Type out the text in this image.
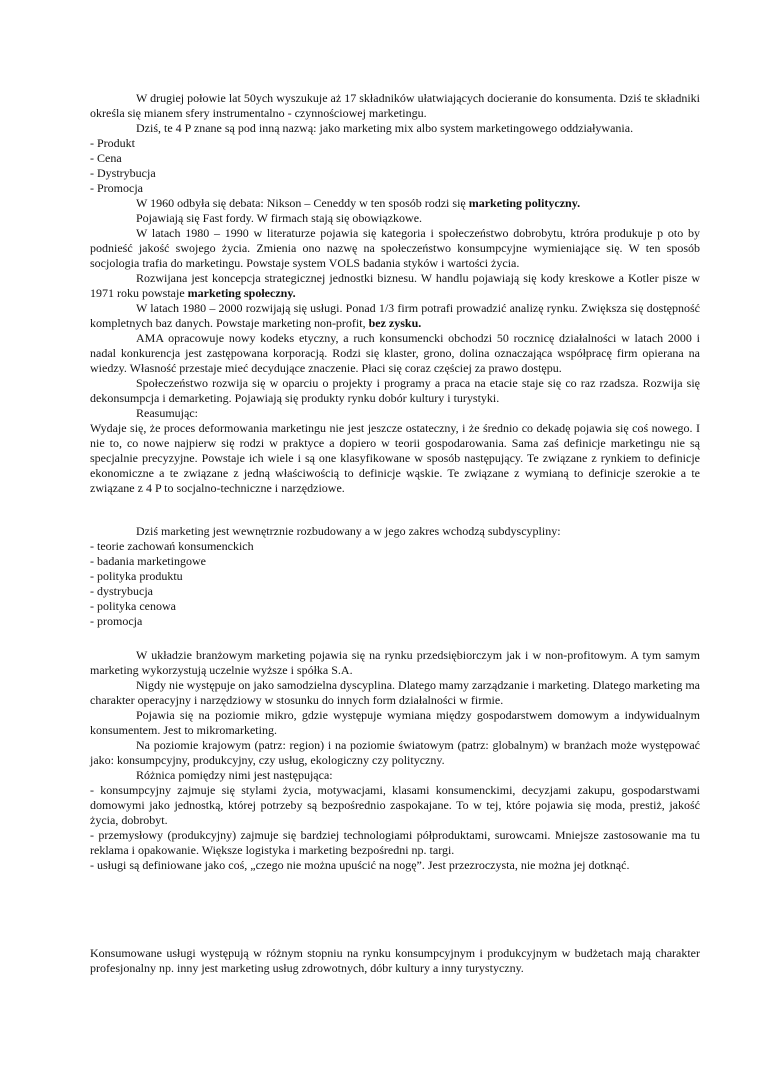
W drugiej połowie lat 50ych wyszukuje aż 17 składników ułatwiających docieranie do konsumenta. Dziś te składniki określa się mianem sfery instrumentalno - czynnościowej marketingu.

Dziś, te 4 P znane są pod inną nazwą: jako marketing mix albo system marketingowego oddziaływania.

- Produkt
- Cena
- Dystrybucja
- Promocja

W 1960 odbyła się debata: Nikson – Ceneddy w ten sposób rodzi się marketing polityczny.

Pojawiają się Fast fordy. W firmach stają się obowiązkowe.

W latach 1980 – 1990 w literaturze pojawia się kategoria i społeczeństwo dobrobytu, ktróra produkuje p oto by podnieść jakość swojego życia. Zmienia ono nazwę na społeczeństwo konsumpcyjne wymieniające się. W ten sposób socjologia trafia do marketingu. Powstaje system VOLS badania styków i wartości życia.

Rozwijana jest koncepcja strategicznej jednostki biznesu. W handlu pojawiają się kody kreskowe a Kotler pisze w 1971 roku powstaje marketing społeczny.

W latach 1980 – 2000 rozwijają się usługi. Ponad 1/3 firm potrafi prowadzić analizę rynku. Zwiększa się dostępność kompletnych baz danych. Powstaje marketing non-profit, bez zysku.

AMA opracowuje nowy kodeks etyczny, a ruch konsumencki obchodzi 50 rocznicę działalności w latach 2000 i nadal konkurencja jest zastępowana korporacją. Rodzi się klaster, grono, dolina oznaczająca współpracę firm opierana na wiedzy. Własność przestaje mieć decydujące znaczenie. Płaci się coraz częściej za prawo dostępu.

Społeczeństwo rozwija się w oparciu o projekty i programy a praca na etacie staje się co raz rzadsza. Rozwija się dekonsumpcja i demarketing. Pojawiają się produkty rynku dobór kultury i turystyki.

Reasumując:

Wydaje się, że proces deformowania marketingu nie jest jeszcze ostateczny, i że średnio co dekadę pojawia się coś nowego. I nie to, co nowe najpierw się rodzi w praktyce a dopiero w teorii gospodarowania. Sama zaś definicje marketingu nie są specjalnie precyzyjne. Powstaje ich wiele i są one klasyfikowane w sposób następujący. Te związane z rynkiem to definicje ekonomiczne a te związane z jedną właściwością to definicje wąskie. Te związane z wymianą to definicje szerokie a te związane z 4 P to socjalno-techniczne i narzędziowe.

Dziś marketing jest wewnętrznie rozbudowany a w jego zakres wchodzą subdyscypliny:

- teorie zachowań konsumenckich
- badania marketingowe
- polityka produktu
- dystrybucja
- polityka cenowa
- promocja

W układzie branżowym marketing pojawia się na rynku przedsiębiorczym jak i w non-profitowym. A tym samym marketing wykorzystują uczelnie wyższe i spółka S.A.

Nigdy nie występuje on jako samodzielna dyscyplina. Dlatego mamy zarządzanie i marketing. Dlatego marketing ma charakter operacyjny i narzędziowy w stosunku do innych form działalności w firmie.

Pojawia się na poziomie mikro, gdzie występuje wymiana między gospodarstwem domowym a indywidualnym konsumentem. Jest to mikromarketing.

Na poziomie krajowym (patrz: region) i na poziomie światowym (patrz: globalnym) w branżach może występować jako: konsumpcyjny, produkcyjny, czy usług, ekologiczny czy polityczny.

Różnica pomiędzy nimi jest następująca:

- konsumpcyjny zajmuje się stylami życia, motywacjami, klasami konsumenckimi, decyzjami zakupu, gospodarstwami domowymi jako jednostką, której potrzeby są bezpośrednio zaspokajane. To w tej, które pojawia się moda, prestiż, jakość życia, dobrobyt.

- przemysłowy (produkcyjny) zajmuje się bardziej technologiami półproduktami, surowcami. Mniejsze zastosowanie ma tu reklama i opakowanie. Większe logistyka i marketing bezpośredni np. targi.

- usługi są definiowane jako coś, „czego nie można upuścić na nogę”. Jest przezroczysta, nie można jej dotknąć.

Konsumowane usługi występują w różnym stopniu na rynku konsumpcyjnym i produkcyjnym w budżetach mają charakter profesjonalny np. inny jest marketing usług zdrowotnych, dóbr kultury a inny turystyczny.
